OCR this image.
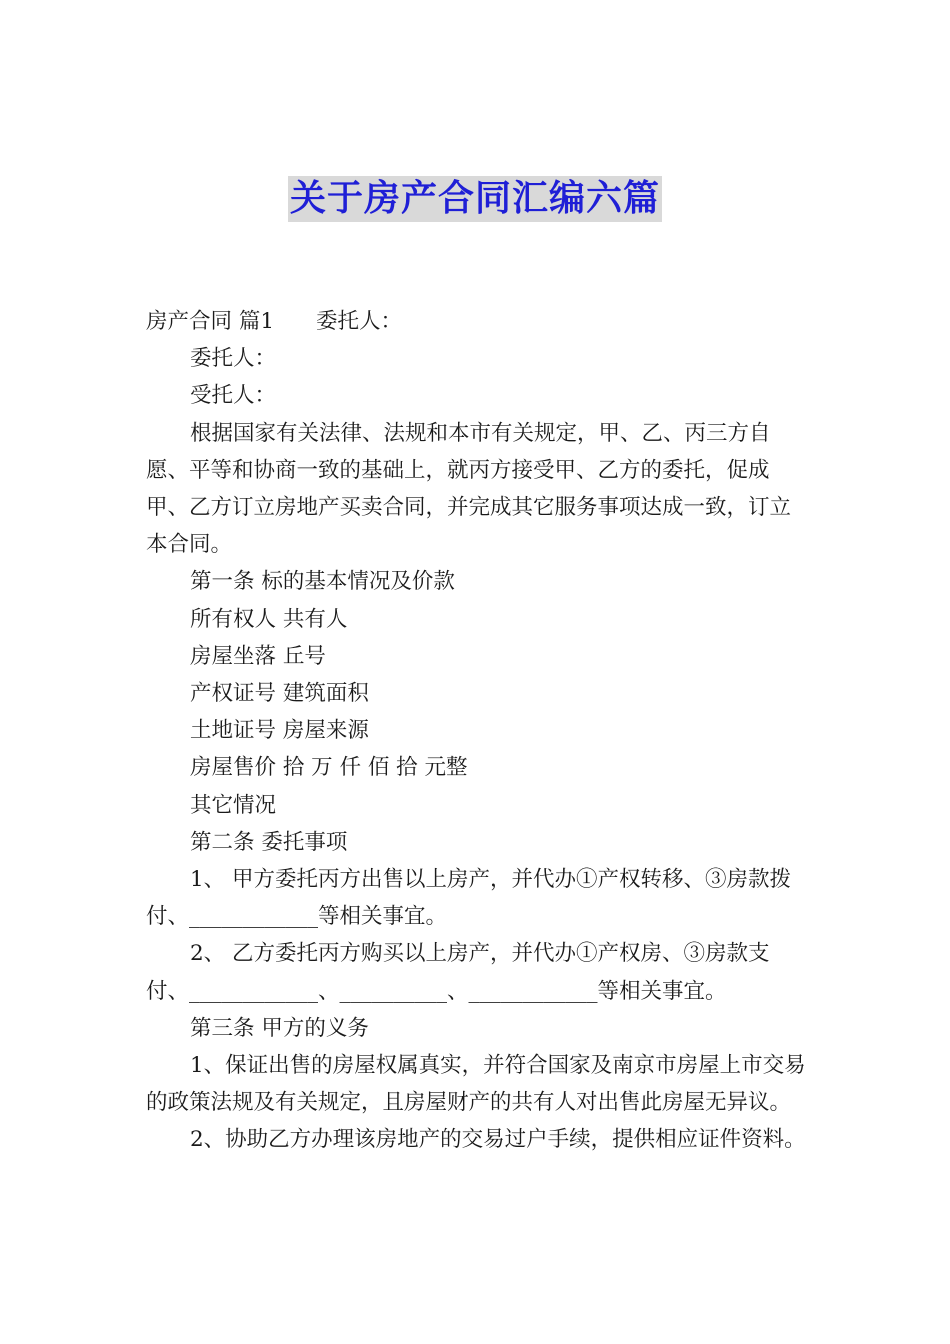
关于房产合同汇编六篇

房产合同 篇1 委托人：

委托人：

受托人：

根据国家有关法律、法规和本市有关规定，甲、乙、丙三方自愿、平等和协商一致的基础上，就丙方接受甲、乙方的委托，促成甲、乙方订立房地产买卖合同，并完成其它服务事项达成一致，订立本合同。

第一条 标的基本情况及价款

所有权人 共有人

房屋坐落 丘号

产权证号 建筑面积

土地证号 房屋来源

房屋售价 拾 万 仟 佰 拾 元整

其它情况

第二条 委托事项

1、 甲方委托丙方出售以上房产，并代办①产权转移、③房款拨付、____________等相关事宜。

2、 乙方委托丙方购买以上房产，并代办①产权房、③房款支付、____________、__________、____________等相关事宜。

第三条 甲方的义务

1、保证出售的房屋权属真实，并符合国家及南京市房屋上市交易的政策法规及有关规定，且房屋财产的共有人对出售此房屋无异议。

2、协助乙方办理该房地产的交易过户手续，提供相应证件资料。
